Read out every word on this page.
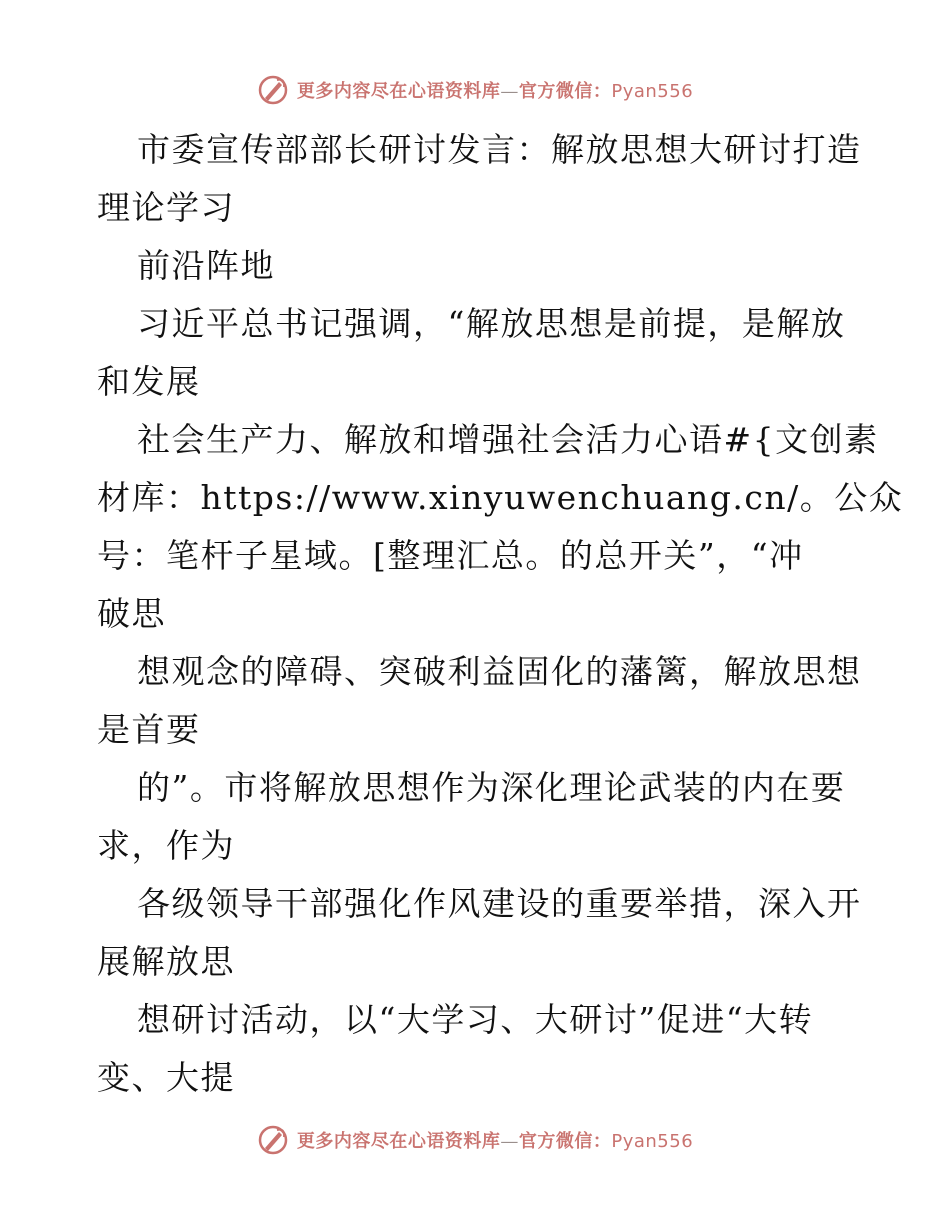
更多内容尽在心语资料库—官方微信：Pyan556
市委宣传部部长研讨发言：解放思想大研讨打造
理论学习
前沿阵地
习近平总书记强调，“解放思想是前提，是解放
和发展
社会生产力、解放和增强社会活力心语#{文创素
材库：https://www.xinyuwenchuang.cn/。公众
号：笔杆子星域。[整理汇总。的总开关”，“冲
破思
想观念的障碍、突破利益固化的藩篱，解放思想
是首要
的”。市将解放思想作为深化理论武装的内在要
求，作为
各级领导干部强化作风建设的重要举措，深入开
展解放思
想研讨活动，以“大学习、大研讨”促进“大转
变、大提
更多内容尽在心语资料库—官方微信：Pyan556
